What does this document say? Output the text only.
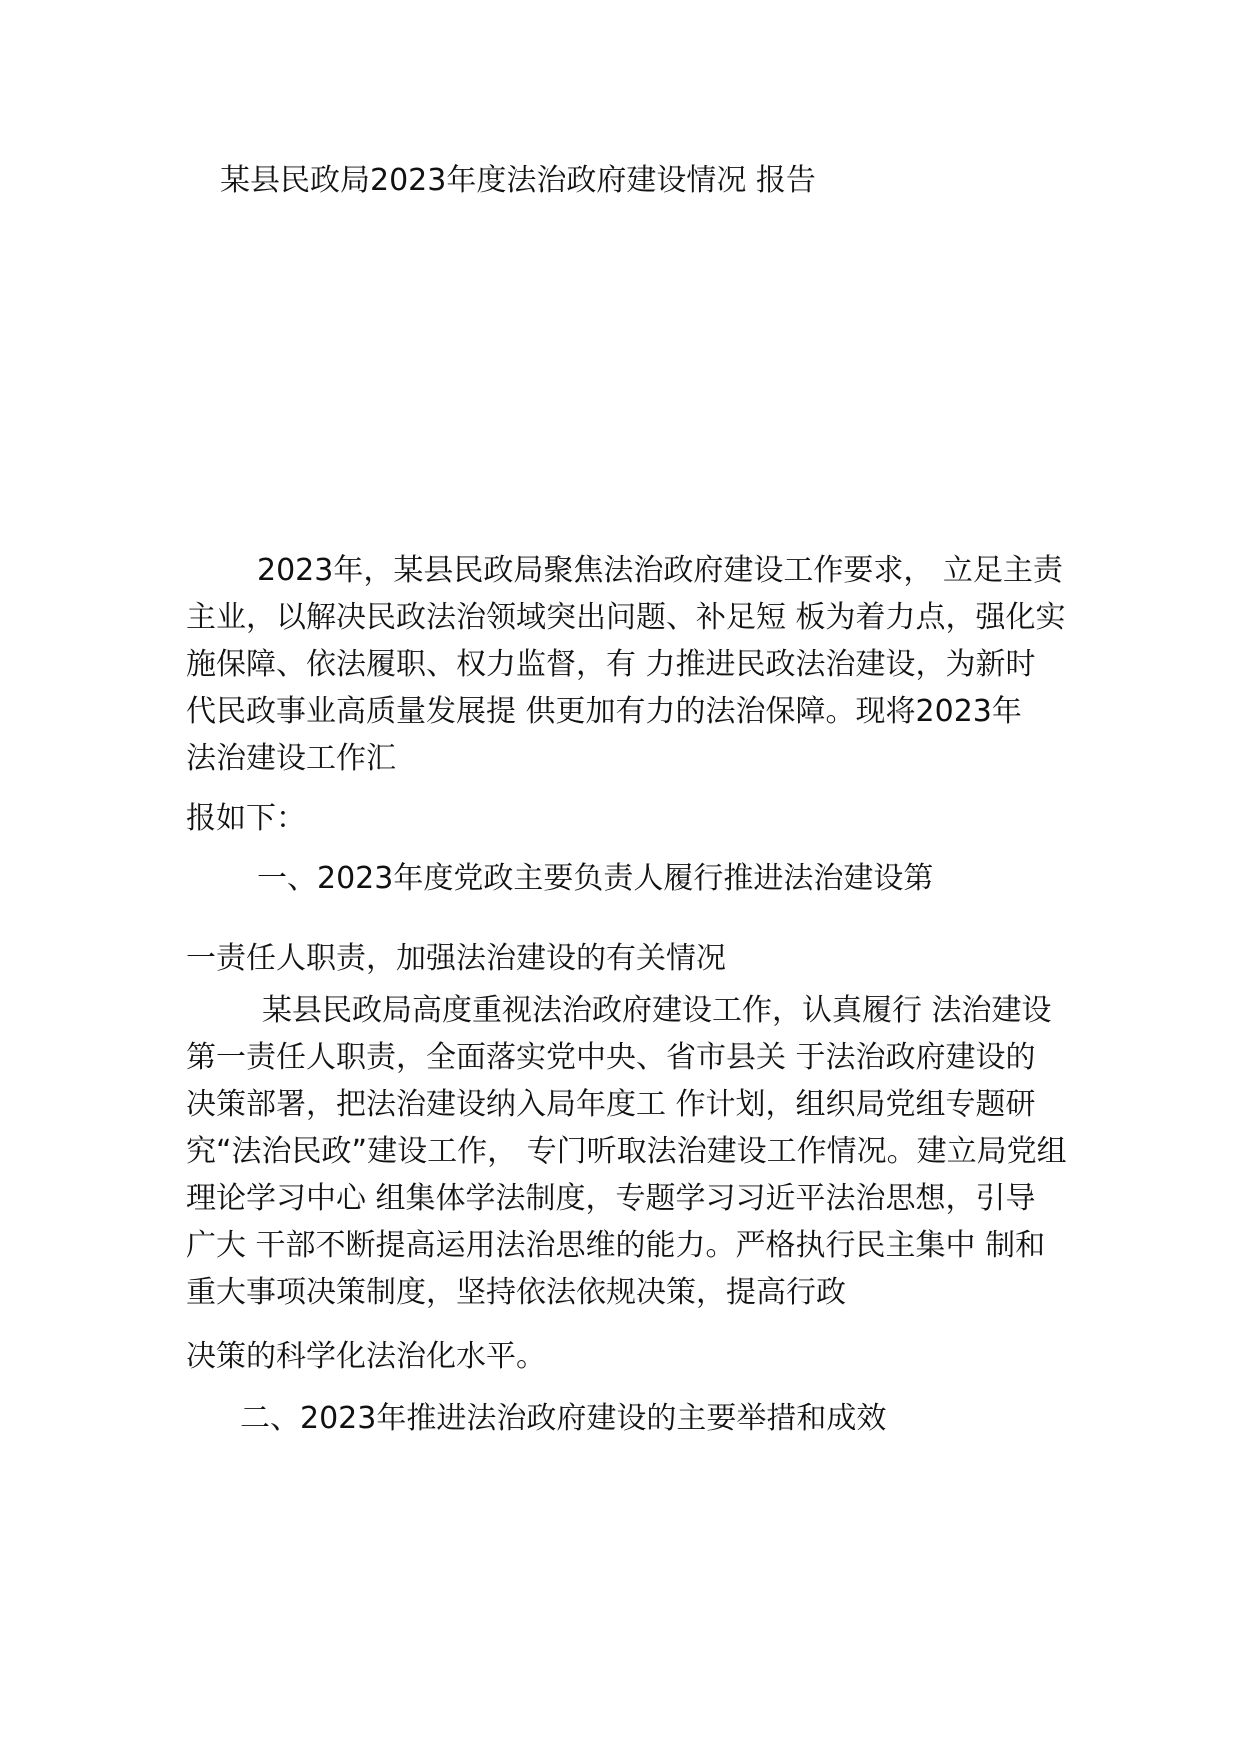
某县民政局2023年度法治政府建设情况 报告
2023年，某县民政局聚焦法治政府建设工作要求， 立足主责
主业，以解决民政法治领域突出问题、补足短 板为着力点，强化实
施保障、依法履职、权力监督，有 力推进民政法治建设，为新时
代民政事业高质量发展提 供更加有力的法治保障。现将2023年
法治建设工作汇
报如下：
一、2023年度党政主要负责人履行推进法治建设第
一责任人职责，加强法治建设的有关情况
某县民政局高度重视法治政府建设工作，认真履行 法治建设
第一责任人职责，全面落实党中央、省市县关 于法治政府建设的
决策部署，把法治建设纳入局年度工 作计划，组织局党组专题研
究“法治民政”建设工作， 专门听取法治建设工作情况。建立局党组
理论学习中心 组集体学法制度，专题学习习近平法治思想，引导
广大 干部不断提高运用法治思维的能力。严格执行民主集中 制和
重大事项决策制度，坚持依法依规决策，提高行政
决策的科学化法治化水平。
二、2023年推进法治政府建设的主要举措和成效
